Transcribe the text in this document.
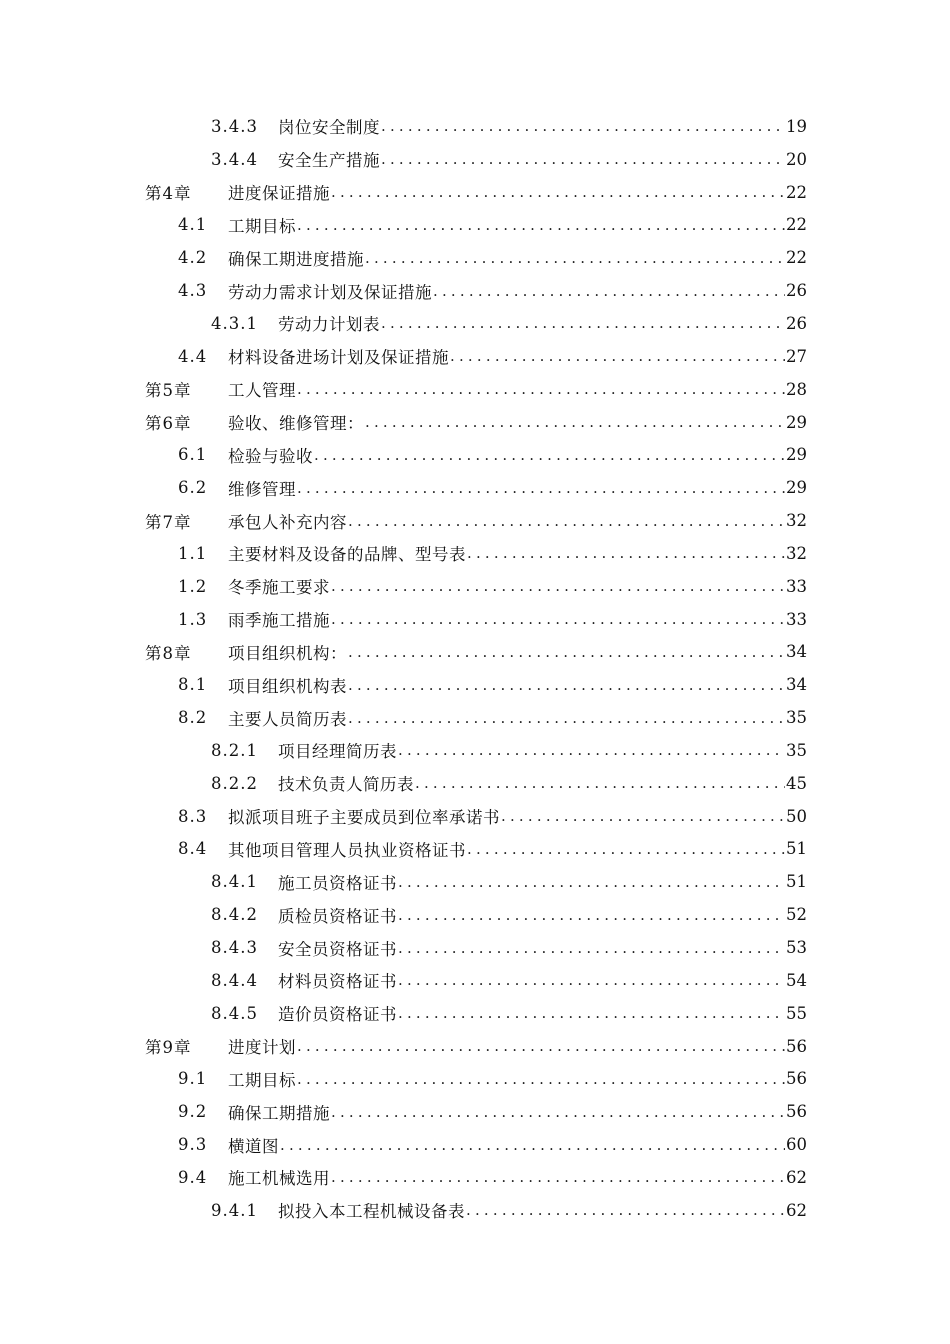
3.4.3	岗位安全制度 .....	19
3.4.4	安全生产措施 .....	20
第4章	进度保证措施 .....	22
4.1	工期目标 .....	22
4.2	确保工期进度措施 .....	22
4.3	劳动力需求计划及保证措施 .....	26
4.3.1	劳动力计划表 .....	26
4.4	材料设备进场计划及保证措施 .....	27
第5章	工人管理 .....	28
第6章	验收、维修管理： .....	29
6.1	检验与验收 .....	29
6.2	维修管理 .....	29
第7章	承包人补充内容 .....	32
1.1	主要材料及设备的品牌、型号表 .....	32
1.2	冬季施工要求 .....	33
1.3	雨季施工措施 .....	33
第8章	项目组织机构： .....	34
8.1	项目组织机构表 .....	34
8.2	主要人员简历表 .....	35
8.2.1	项目经理简历表 .....	35
8.2.2	技术负责人简历表 .....	45
8.3	拟派项目班子主要成员到位率承诺书 .....	50
8.4	其他项目管理人员执业资格证书 .....	51
8.4.1	施工员资格证书 .....	51
8.4.2	质检员资格证书 .....	52
8.4.3	安全员资格证书 .....	53
8.4.4	材料员资格证书 .....	54
8.4.5	造价员资格证书 .....	55
第9章	进度计划 .....	56
9.1	工期目标 .....	56
9.2	确保工期措施 .....	56
9.3	横道图 .....	60
9.4	施工机械选用 .....	62
9.4.1	拟投入本工程机械设备表 .....	62
